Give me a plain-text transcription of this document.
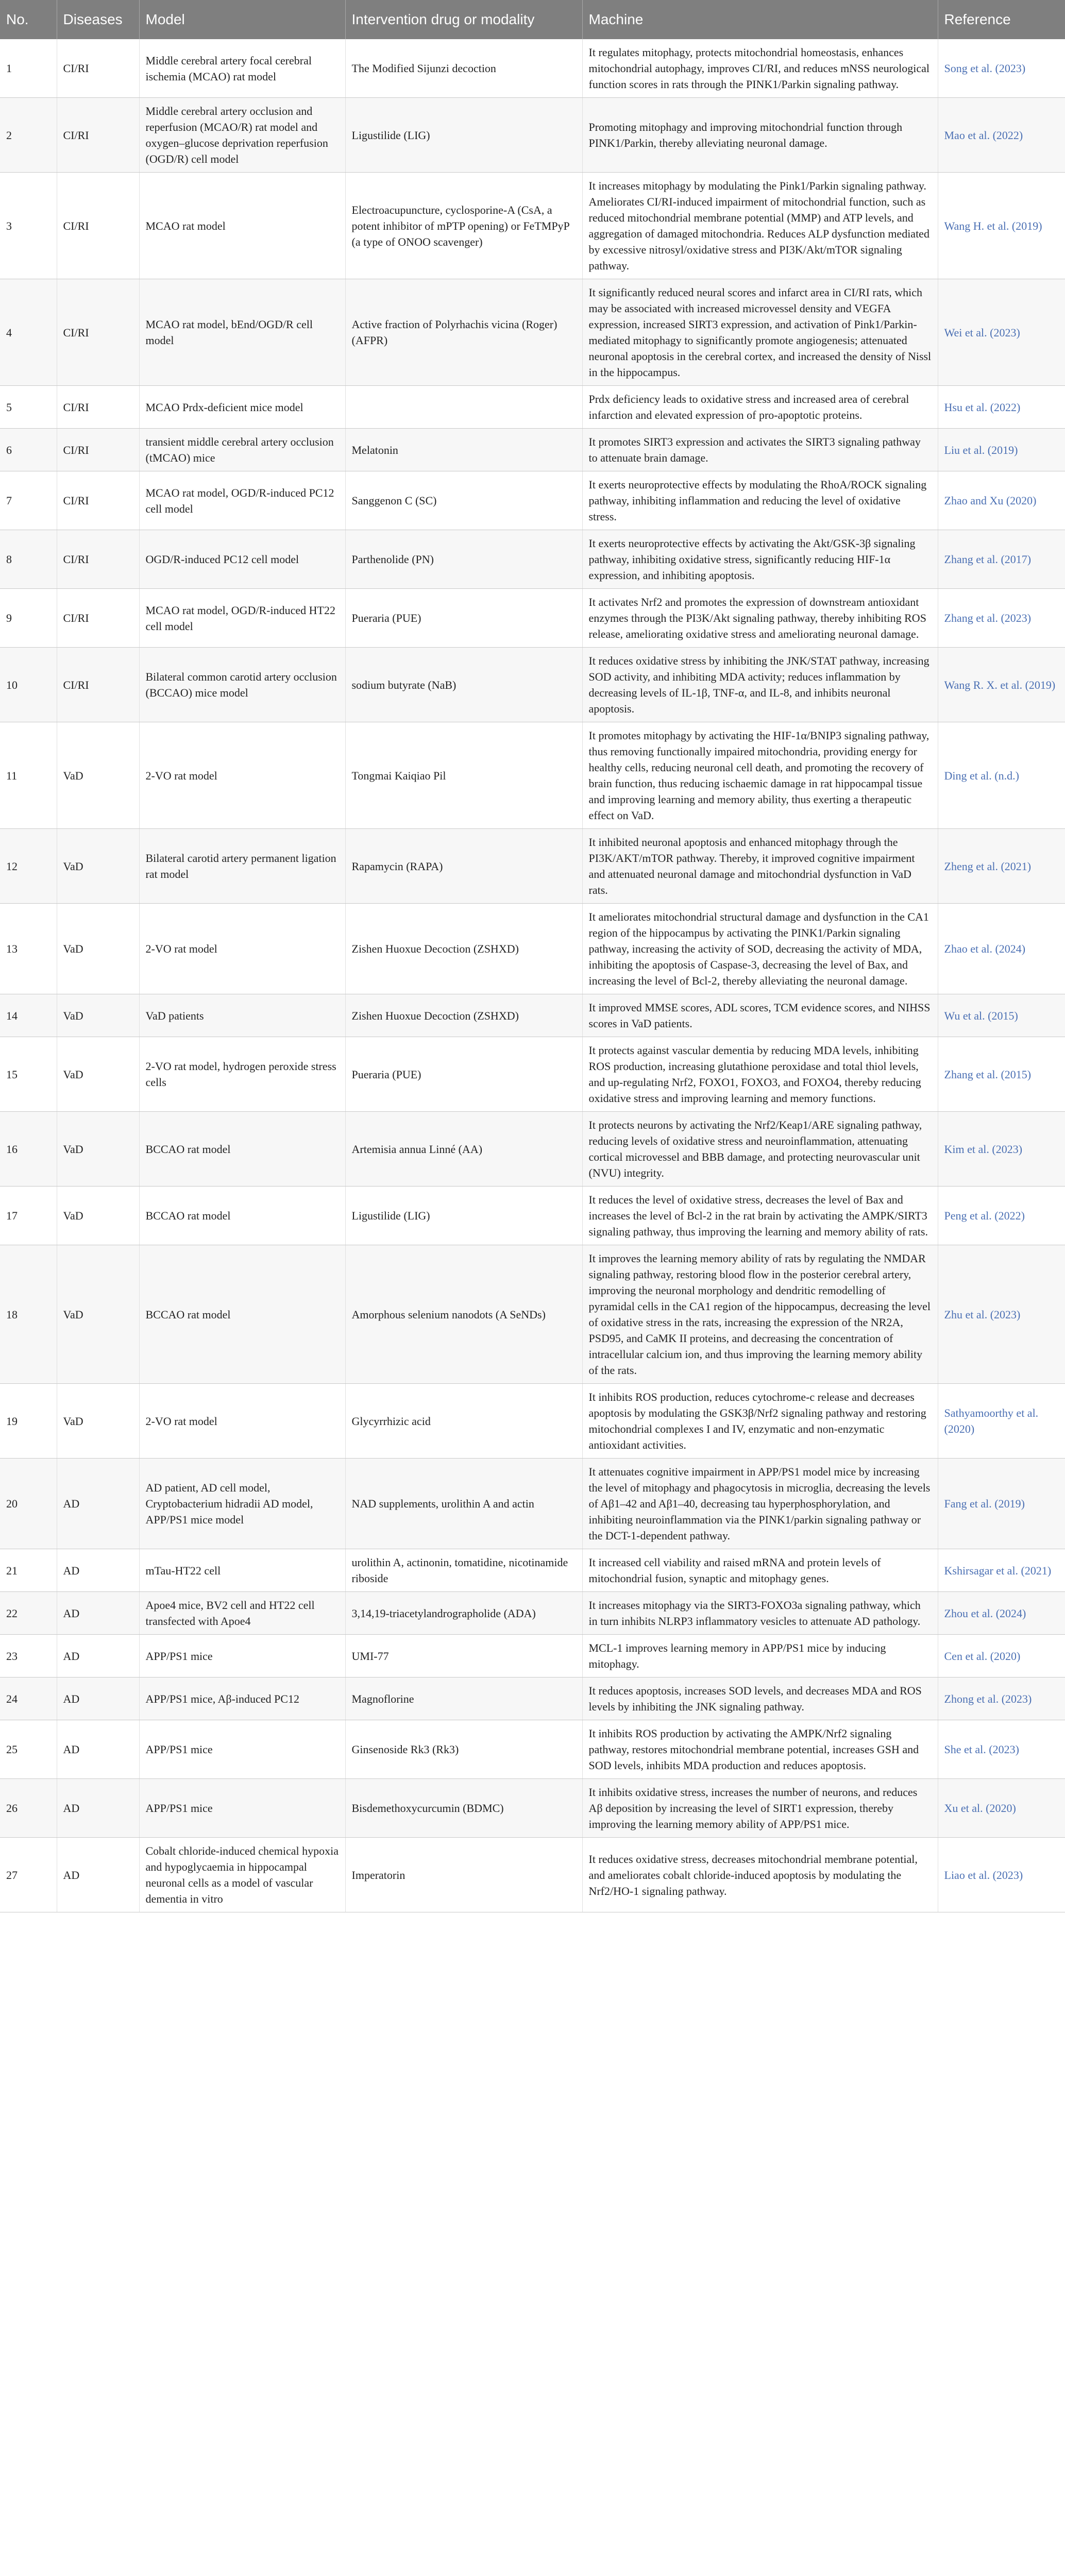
No.	Diseases	Model	Intervention drug or modality	Machine	Reference
1	CI/RI	Middle cerebral artery focal cerebral ischemia (MCAO) rat model	The Modified Sijunzi decoction	It regulates mitophagy, protects mitochondrial homeostasis, enhances mitochondrial autophagy, improves CI/RI, and reduces mNSS neurological function scores in rats through the PINK1/Parkin signaling pathway.	Song et al. (2023)
2	CI/RI	Middle cerebral artery occlusion and reperfusion (MCAO/R) rat model and oxygen–glucose deprivation reperfusion (OGD/R) cell model	Ligustilide (LIG)	Promoting mitophagy and improving mitochondrial function through PINK1/Parkin, thereby alleviating neuronal damage.	Mao et al. (2022)
3	CI/RI	MCAO rat model	Electroacupuncture, cyclosporine-A (CsA, a potent inhibitor of mPTP opening) or FeTMPyP (a type of ONOO scavenger)	It increases mitophagy by modulating the Pink1/Parkin signaling pathway. Ameliorates CI/RI-induced impairment of mitochondrial function, such as reduced mitochondrial membrane potential (MMP) and ATP levels, and aggregation of damaged mitochondria. Reduces ALP dysfunction mediated by excessive nitrosyl/oxidative stress and PI3K/Akt/mTOR signaling pathway.	Wang H. et al. (2019)
4	CI/RI	MCAO rat model, bEnd/OGD/R cell model	Active fraction of Polyrhachis vicina (Roger) (AFPR)	It significantly reduced neural scores and infarct area in CI/RI rats, which may be associated with increased microvessel density and VEGFA expression, increased SIRT3 expression, and activation of Pink1/Parkin-mediated mitophagy to significantly promote angiogenesis; attenuated neuronal apoptosis in the cerebral cortex, and increased the density of Nissl in the hippocampus.	Wei et al. (2023)
5	CI/RI	MCAO Prdx-deficient mice model		Prdx deficiency leads to oxidative stress and increased area of cerebral infarction and elevated expression of pro-apoptotic proteins.	Hsu et al. (2022)
6	CI/RI	transient middle cerebral artery occlusion (tMCAO) mice	Melatonin	It promotes SIRT3 expression and activates the SIRT3 signaling pathway to attenuate brain damage.	Liu et al. (2019)
7	CI/RI	MCAO rat model, OGD/R-induced PC12 cell model	Sanggenon C (SC)	It exerts neuroprotective effects by modulating the RhoA/ROCK signaling pathway, inhibiting inflammation and reducing the level of oxidative stress.	Zhao and Xu (2020)
8	CI/RI	OGD/R-induced PC12 cell model	Parthenolide (PN)	It exerts neuroprotective effects by activating the Akt/GSK-3β signaling pathway, inhibiting oxidative stress, significantly reducing HIF-1α expression, and inhibiting apoptosis.	Zhang et al. (2017)
9	CI/RI	MCAO rat model, OGD/R-induced HT22 cell model	Pueraria (PUE)	It activates Nrf2 and promotes the expression of downstream antioxidant enzymes through the PI3K/Akt signaling pathway, thereby inhibiting ROS release, ameliorating oxidative stress and ameliorating neuronal damage.	Zhang et al. (2023)
10	CI/RI	Bilateral common carotid artery occlusion (BCCAO) mice model	sodium butyrate (NaB)	It reduces oxidative stress by inhibiting the JNK/STAT pathway, increasing SOD activity, and inhibiting MDA activity; reduces inflammation by decreasing levels of IL-1β, TNF-α, and IL-8, and inhibits neuronal apoptosis.	Wang R. X. et al. (2019)
11	VaD	2-VO rat model	Tongmai Kaiqiao Pil	It promotes mitophagy by activating the HIF-1α/BNIP3 signaling pathway, thus removing functionally impaired mitochondria, providing energy for healthy cells, reducing neuronal cell death, and promoting the recovery of brain function, thus reducing ischaemic damage in rat hippocampal tissue and improving learning and memory ability, thus exerting a therapeutic effect on VaD.	Ding et al. (n.d.)
12	VaD	Bilateral carotid artery permanent ligation rat model	Rapamycin (RAPA)	It inhibited neuronal apoptosis and enhanced mitophagy through the PI3K/AKT/mTOR pathway. Thereby, it improved cognitive impairment and attenuated neuronal damage and mitochondrial dysfunction in VaD rats.	Zheng et al. (2021)
13	VaD	2-VO rat model	Zishen Huoxue Decoction (ZSHXD)	It ameliorates mitochondrial structural damage and dysfunction in the CA1 region of the hippocampus by activating the PINK1/Parkin signaling pathway, increasing the activity of SOD, decreasing the activity of MDA, inhibiting the apoptosis of Caspase-3, decreasing the level of Bax, and increasing the level of Bcl-2, thereby alleviating the neuronal damage.	Zhao et al. (2024)
14	VaD	VaD patients	Zishen Huoxue Decoction (ZSHXD)	It improved MMSE scores, ADL scores, TCM evidence scores, and NIHSS scores in VaD patients.	Wu et al. (2015)
15	VaD	2-VO rat model, hydrogen peroxide stress cells	Pueraria (PUE)	It protects against vascular dementia by reducing MDA levels, inhibiting ROS production, increasing glutathione peroxidase and total thiol levels, and up-regulating Nrf2, FOXO1, FOXO3, and FOXO4, thereby reducing oxidative stress and improving learning and memory functions.	Zhang et al. (2015)
16	VaD	BCCAO rat model	Artemisia annua Linné (AA)	It protects neurons by activating the Nrf2/Keap1/ARE signaling pathway, reducing levels of oxidative stress and neuroinflammation, attenuating cortical microvessel and BBB damage, and protecting neurovascular unit (NVU) integrity.	Kim et al. (2023)
17	VaD	BCCAO rat model	Ligustilide (LIG)	It reduces the level of oxidative stress, decreases the level of Bax and increases the level of Bcl-2 in the rat brain by activating the AMPK/SIRT3 signaling pathway, thus improving the learning and memory ability of rats.	Peng et al. (2022)
18	VaD	BCCAO rat model	Amorphous selenium nanodots (A SeNDs)	It improves the learning memory ability of rats by regulating the NMDAR signaling pathway, restoring blood flow in the posterior cerebral artery, improving the neuronal morphology and dendritic remodelling of pyramidal cells in the CA1 region of the hippocampus, decreasing the level of oxidative stress in the rats, increasing the expression of the NR2A, PSD95, and CaMK II proteins, and decreasing the concentration of intracellular calcium ion, and thus improving the learning memory ability of the rats.	Zhu et al. (2023)
19	VaD	2-VO rat model	Glycyrrhizic acid	It inhibits ROS production, reduces cytochrome-c release and decreases apoptosis by modulating the GSK3β/Nrf2 signaling pathway and restoring mitochondrial complexes I and IV, enzymatic and non-enzymatic antioxidant activities.	Sathyamoorthy et al. (2020)
20	AD	AD patient, AD cell model, Cryptobacterium hidradii AD model, APP/PS1 mice model	NAD supplements, urolithin A and actin	It attenuates cognitive impairment in APP/PS1 model mice by increasing the level of mitophagy and phagocytosis in microglia, decreasing the levels of Aβ1–42 and Aβ1–40, decreasing tau hyperphosphorylation, and inhibiting neuroinflammation via the PINK1/parkin signaling pathway or the DCT-1-dependent pathway.	Fang et al. (2019)
21	AD	mTau-HT22 cell	urolithin A, actinonin, tomatidine, nicotinamide riboside	It increased cell viability and raised mRNA and protein levels of mitochondrial fusion, synaptic and mitophagy genes.	Kshirsagar et al. (2021)
22	AD	Apoe4 mice, BV2 cell and HT22 cell transfected with Apoe4	3,14,19-triacetylandrographolide (ADA)	It increases mitophagy via the SIRT3-FOXO3a signaling pathway, which in turn inhibits NLRP3 inflammatory vesicles to attenuate AD pathology.	Zhou et al. (2024)
23	AD	APP/PS1 mice	UMI-77	MCL-1 improves learning memory in APP/PS1 mice by inducing mitophagy.	Cen et al. (2020)
24	AD	APP/PS1 mice, Aβ-induced PC12	Magnoflorine	It reduces apoptosis, increases SOD levels, and decreases MDA and ROS levels by inhibiting the JNK signaling pathway.	Zhong et al. (2023)
25	AD	APP/PS1 mice	Ginsenoside Rk3 (Rk3)	It inhibits ROS production by activating the AMPK/Nrf2 signaling pathway, restores mitochondrial membrane potential, increases GSH and SOD levels, inhibits MDA production and reduces apoptosis.	She et al. (2023)
26	AD	APP/PS1 mice	Bisdemethoxycurcumin (BDMC)	It inhibits oxidative stress, increases the number of neurons, and reduces Aβ deposition by increasing the level of SIRT1 expression, thereby improving the learning memory ability of APP/PS1 mice.	Xu et al. (2020)
27	AD	Cobalt chloride-induced chemical hypoxia and hypoglycaemia in hippocampal neuronal cells as a model of vascular dementia in vitro	Imperatorin	It reduces oxidative stress, decreases mitochondrial membrane potential, and ameliorates cobalt chloride-induced apoptosis by modulating the Nrf2/HO-1 signaling pathway.	Liao et al. (2023)
